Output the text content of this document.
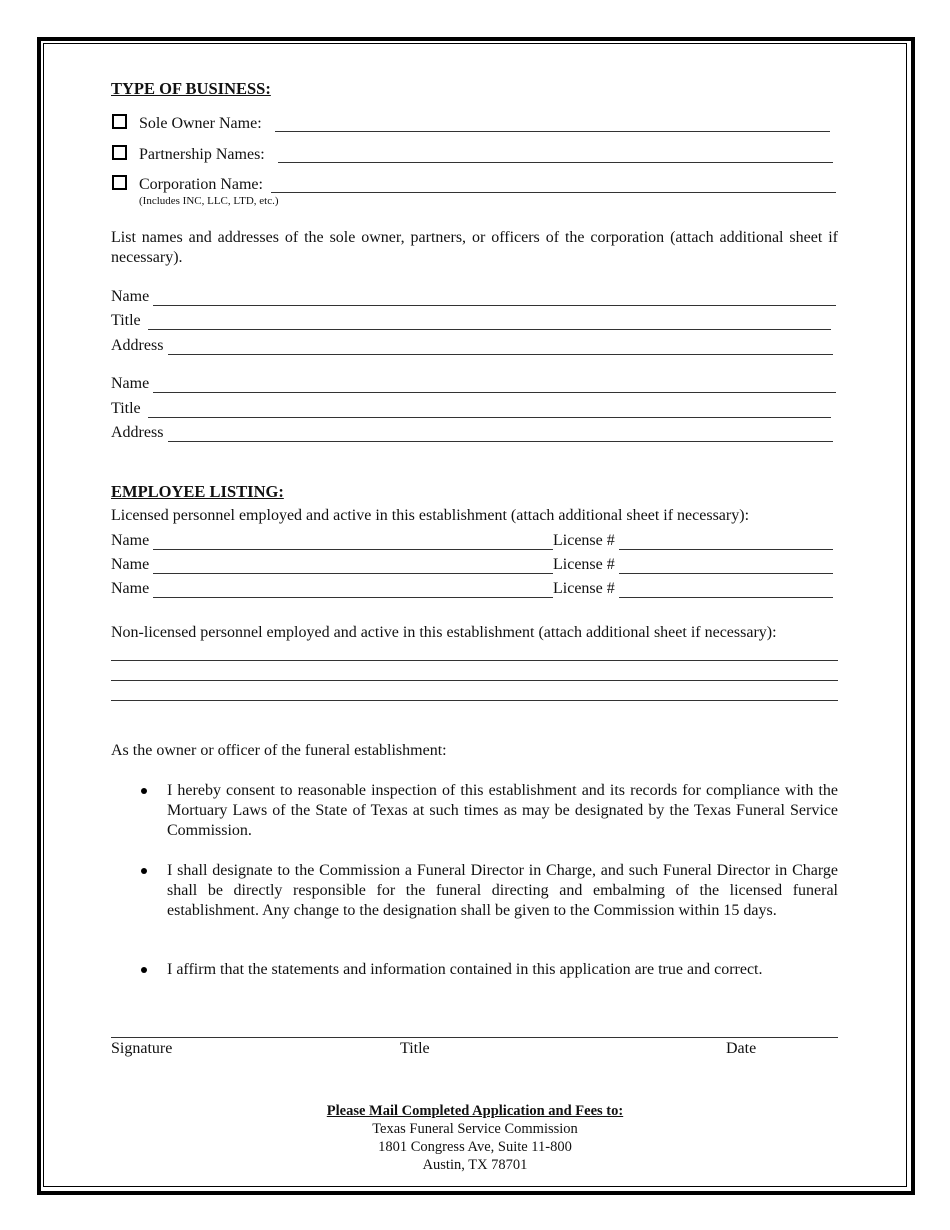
TYPE OF BUSINESS:
Sole Owner Name:
Partnership Names:
Corporation Name:
(Includes INC, LLC, LTD, etc.)
List names and addresses of the sole owner, partners, or officers of the corporation (attach additional sheet if necessary).
Name
Title
Address
Name
Title
Address
EMPLOYEE LISTING:
Licensed personnel employed and active in this establishment (attach additional sheet if necessary):
Name	License #
Name	License #
Name	License #
Non-licensed personnel employed and active in this establishment (attach additional sheet if necessary):
As the owner or officer of the funeral establishment:
I hereby consent to reasonable inspection of this establishment and its records for compliance with the Mortuary Laws of the State of Texas at such times as may be designated by the Texas Funeral Service Commission.
I shall designate to the Commission a Funeral Director in Charge, and such Funeral Director in Charge shall be directly responsible for the funeral directing and embalming of the licensed funeral establishment. Any change to the designation shall be given to the Commission within 15 days.
I affirm that the statements and information contained in this application are true and correct.
Signature	Title	Date
Please Mail Completed Application and Fees to:
Texas Funeral Service Commission
1801 Congress Ave, Suite 11-800
Austin, TX 78701
